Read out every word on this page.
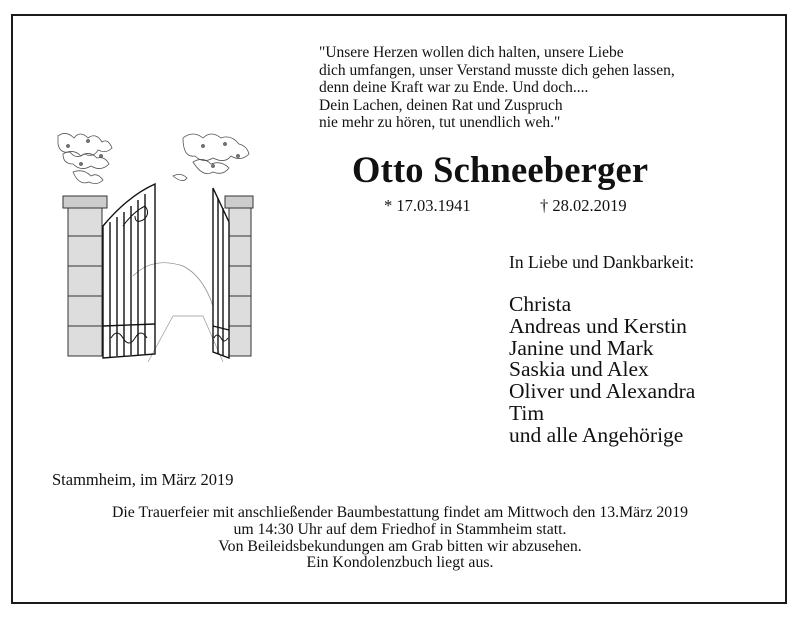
"Unsere Herzen wollen dich halten, unsere Liebe
dich umfangen, unser Verstand musste dich gehen lassen,
denn deine Kraft war zu Ende. Und doch....
Dein Lachen, deinen Rat und Zuspruch
nie mehr zu hören, tut unendlich weh."
Otto Schneeberger
* 17.03.1941	† 28.02.2019
In Liebe und Dankbarkeit:
Christa
Andreas und Kerstin
Janine und Mark
Saskia und Alex
Oliver und Alexandra
Tim
und alle Angehörige
Stammheim, im März 2019
Die Trauerfeier mit anschließender Baumbestattung findet am Mittwoch den 13.März 2019
um 14:30 Uhr auf dem Friedhof in Stammheim statt.
Von Beileidsbekundungen am Grab bitten wir abzusehen.
Ein Kondolenzbuch liegt aus.
